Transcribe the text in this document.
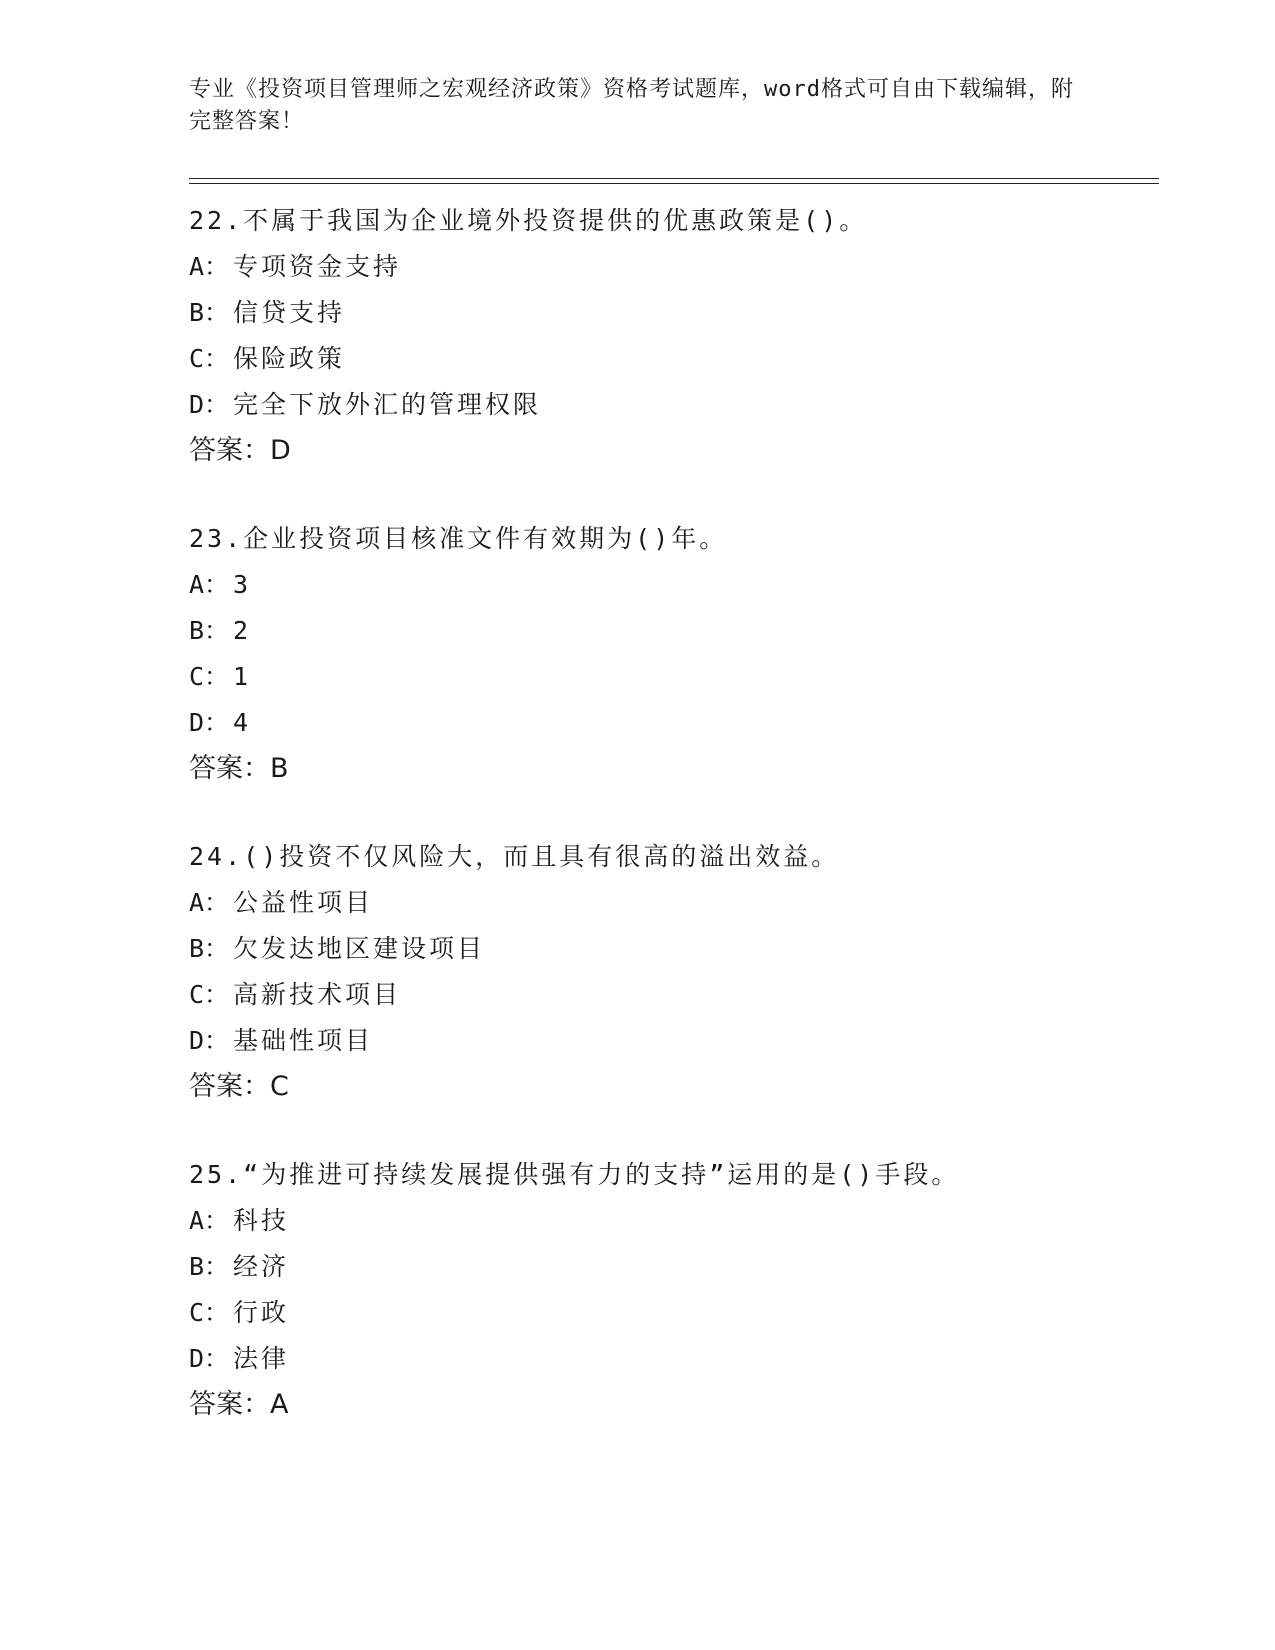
专业《投资项目管理师之宏观经济政策》资格考试题库，word格式可自由下载编辑，附完整答案！
22.不属于我国为企业境外投资提供的优惠政策是()。
A： 专项资金支持
B： 信贷支持
C： 保险政策
D： 完全下放外汇的管理权限
答案：D
23.企业投资项目核准文件有效期为()年。
A： 3
B： 2
C： 1
D： 4
答案：B
24.()投资不仅风险大，而且具有很高的溢出效益。
A： 公益性项目
B： 欠发达地区建设项目
C： 高新技术项目
D： 基础性项目
答案：C
25.“为推进可持续发展提供强有力的支持”运用的是()手段。
A： 科技
B： 经济
C： 行政
D： 法律
答案：A
